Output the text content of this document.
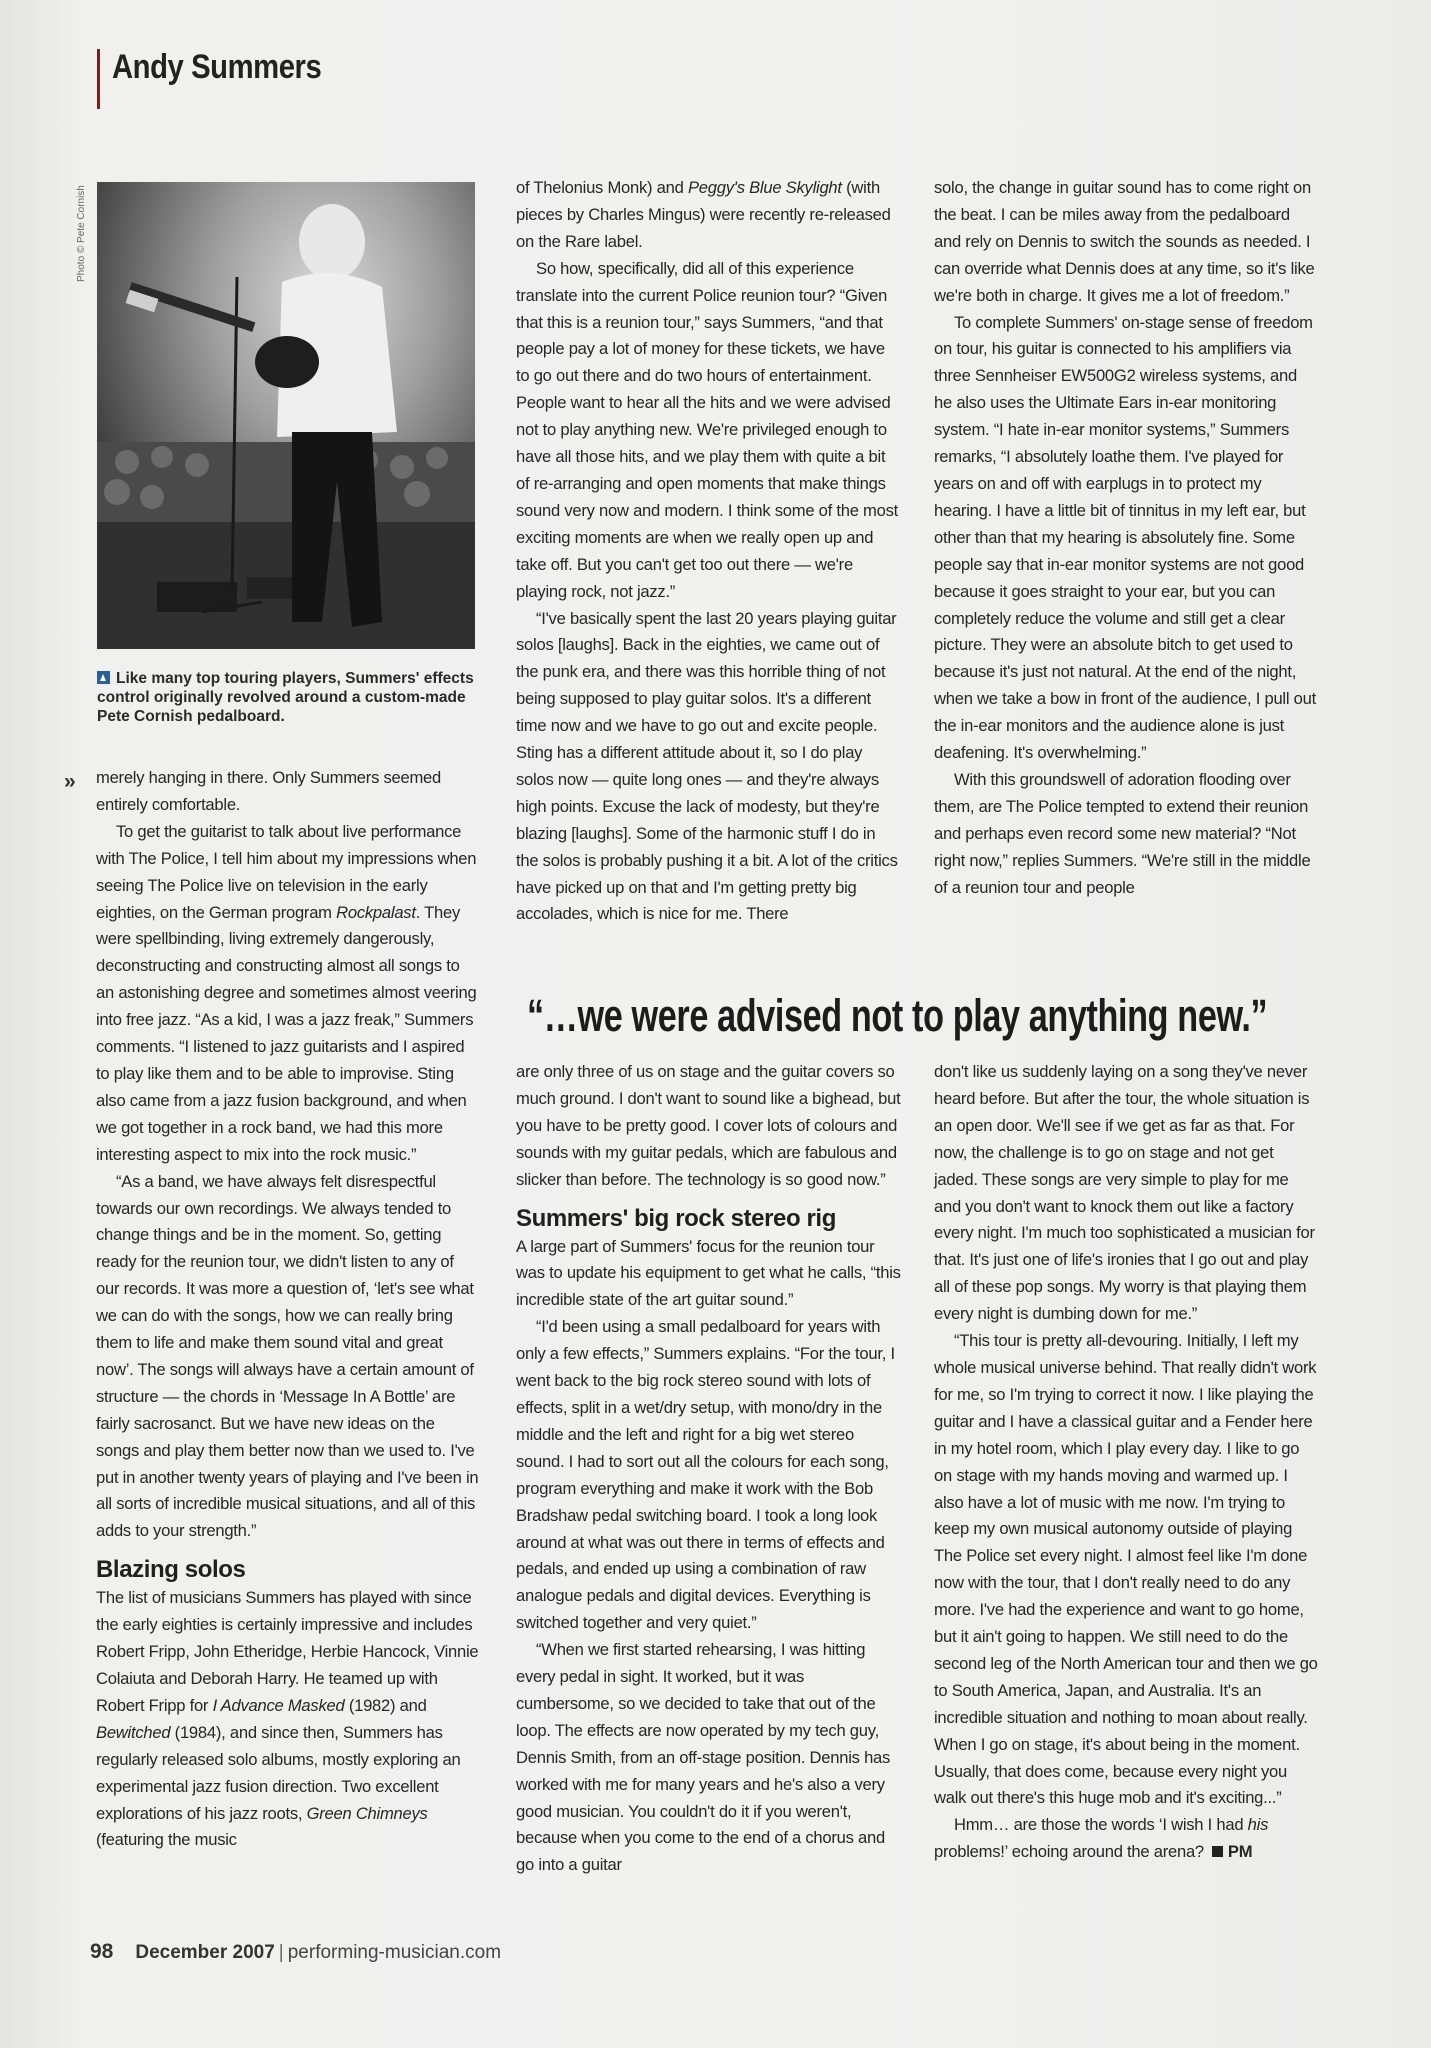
Andy Summers
Photo © Pete Cornish
Like many top touring players, Summers' effects control originally revolved around a custom-made Pete Cornish pedalboard.
» merely hanging in there. Only Summers seemed entirely comfortable.

To get the guitarist to talk about live performance with The Police, I tell him about my impressions when seeing The Police live on television in the early eighties, on the German program Rockpalast. They were spellbinding, living extremely dangerously, deconstructing and constructing almost all songs to an astonishing degree and sometimes almost veering into free jazz. “As a kid, I was a jazz freak,” Summers comments. “I listened to jazz guitarists and I aspired to play like them and to be able to improvise. Sting also came from a jazz fusion background, and when we got together in a rock band, we had this more interesting aspect to mix into the rock music.”

“As a band, we have always felt disrespectful towards our own recordings. We always tended to change things and be in the moment. So, getting ready for the reunion tour, we didn't listen to any of our records. It was more a question of, ‘let's see what we can do with the songs, how we can really bring them to life and make them sound vital and great now’. The songs will always have a certain amount of structure — the chords in ‘Message In A Bottle’ are fairly sacrosanct. But we have new ideas on the songs and play them better now than we used to. I've put in another twenty years of playing and I've been in all sorts of incredible musical situations, and all of this adds to your strength.”

Blazing solos

The list of musicians Summers has played with since the early eighties is certainly impressive and includes Robert Fripp, John Etheridge, Herbie Hancock, Vinnie Colaiuta and Deborah Harry. He teamed up with Robert Fripp for I Advance Masked (1982) and Bewitched (1984), and since then, Summers has regularly released solo albums, mostly exploring an experimental jazz fusion direction. Two excellent explorations of his jazz roots, Green Chimneys (featuring the music

of Thelonius Monk) and Peggy's Blue Skylight (with pieces by Charles Mingus) were recently re-released on the Rare label.

So how, specifically, did all of this experience translate into the current Police reunion tour? “Given that this is a reunion tour,” says Summers, “and that people pay a lot of money for these tickets, we have to go out there and do two hours of entertainment. People want to hear all the hits and we were advised not to play anything new. We're privileged enough to have all those hits, and we play them with quite a bit of re-arranging and open moments that make things sound very now and modern. I think some of the most exciting moments are when we really open up and take off. But you can't get too out there — we're playing rock, not jazz.”

“I've basically spent the last 20 years playing guitar solos [laughs]. Back in the eighties, we came out of the punk era, and there was this horrible thing of not being supposed to play guitar solos. It's a different time now and we have to go out and excite people. Sting has a different attitude about it, so I do play solos now — quite long ones — and they're always high points. Excuse the lack of modesty, but they're blazing [laughs]. Some of the harmonic stuff I do in the solos is probably pushing it a bit. A lot of the critics have picked up on that and I'm getting pretty big accolades, which is nice for me. There

solo, the change in guitar sound has to come right on the beat. I can be miles away from the pedalboard and rely on Dennis to switch the sounds as needed. I can override what Dennis does at any time, so it's like we're both in charge. It gives me a lot of freedom.”

To complete Summers' on-stage sense of freedom on tour, his guitar is connected to his amplifiers via three Sennheiser EW500G2 wireless systems, and he also uses the Ultimate Ears in-ear monitoring system. “I hate in-ear monitor systems,” Summers remarks, “I absolutely loathe them. I've played for years on and off with earplugs in to protect my hearing. I have a little bit of tinnitus in my left ear, but other than that my hearing is absolutely fine. Some people say that in-ear monitor systems are not good because it goes straight to your ear, but you can completely reduce the volume and still get a clear picture. They were an absolute bitch to get used to because it's just not natural. At the end of the night, when we take a bow in front of the audience, I pull out the in-ear monitors and the audience alone is just deafening. It's overwhelming.”

With this groundswell of adoration flooding over them, are The Police tempted to extend their reunion and perhaps even record some new material? “Not right now,” replies Summers. “We're still in the middle of a reunion tour and people

“…we were advised not to play anything new.”

are only three of us on stage and the guitar covers so much ground. I don't want to sound like a bighead, but you have to be pretty good. I cover lots of colours and sounds with my guitar pedals, which are fabulous and slicker than before. The technology is so good now.”

Summers' big rock stereo rig

A large part of Summers' focus for the reunion tour was to update his equipment to get what he calls, “this incredible state of the art guitar sound.”

“I'd been using a small pedalboard for years with only a few effects,” Summers explains. “For the tour, I went back to the big rock stereo sound with lots of effects, split in a wet/dry setup, with mono/dry in the middle and the left and right for a big wet stereo sound. I had to sort out all the colours for each song, program everything and make it work with the Bob Bradshaw pedal switching board. I took a long look around at what was out there in terms of effects and pedals, and ended up using a combination of raw analogue pedals and digital devices. Everything is switched together and very quiet.”

“When we first started rehearsing, I was hitting every pedal in sight. It worked, but it was cumbersome, so we decided to take that out of the loop. The effects are now operated by my tech guy, Dennis Smith, from an off-stage position. Dennis has worked with me for many years and he's also a very good musician. You couldn't do it if you weren't, because when you come to the end of a chorus and go into a guitar

don't like us suddenly laying on a song they've never heard before. But after the tour, the whole situation is an open door. We'll see if we get as far as that. For now, the challenge is to go on stage and not get jaded. These songs are very simple to play for me and you don't want to knock them out like a factory every night. I'm much too sophisticated a musician for that. It's just one of life's ironies that I go out and play all of these pop songs. My worry is that playing them every night is dumbing down for me.”

“This tour is pretty all-devouring. Initially, I left my whole musical universe behind. That really didn't work for me, so I'm trying to correct it now. I like playing the guitar and I have a classical guitar and a Fender here in my hotel room, which I play every day. I like to go on stage with my hands moving and warmed up. I also have a lot of music with me now. I'm trying to keep my own musical autonomy outside of playing The Police set every night. I almost feel like I'm done now with the tour, that I don't really need to do any more. I've had the experience and want to go home, but it ain't going to happen. We still need to do the second leg of the North American tour and then we go to South America, Japan, and Australia. It's an incredible situation and nothing to moan about really. When I go on stage, it's about being in the moment. Usually, that does come, because every night you walk out there's this huge mob and it's exciting...”

Hmm… are those the words ‘I wish I had his problems!’ echoing around the arena? PM

98 December 2007 | performing-musician.com
